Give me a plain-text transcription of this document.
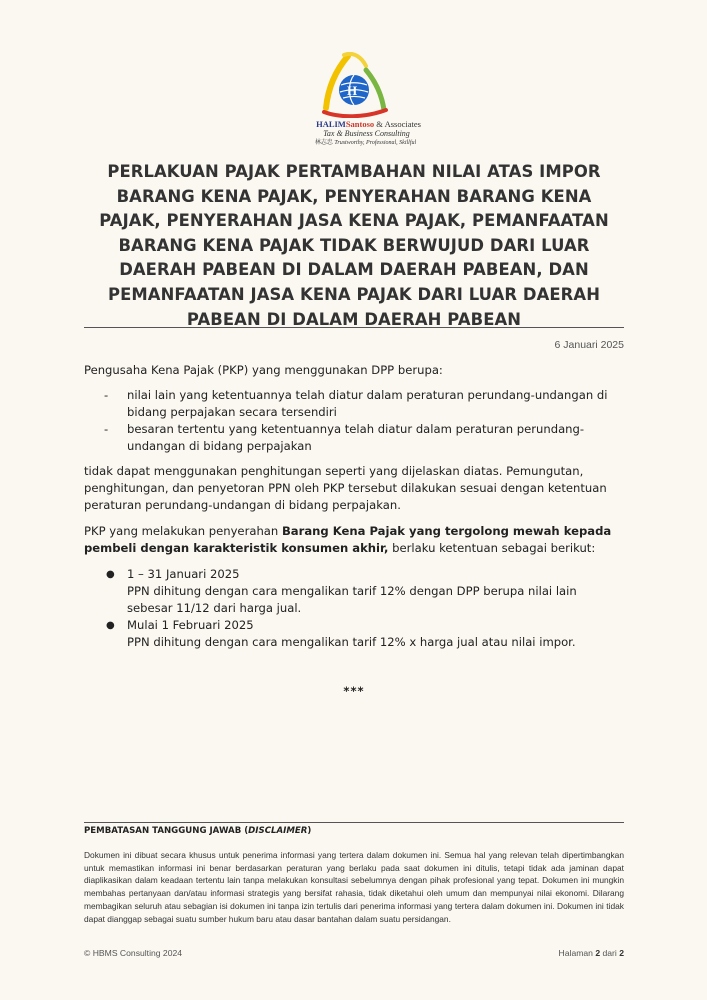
H
HALIMSantoso & Associates
Tax & Business Consulting
林志忠 Trustworthy, Professional, Skillful
PERLAKUAN PAJAK PERTAMBAHAN NILAI ATAS IMPOR BARANG KENA PAJAK, PENYERAHAN BARANG KENA PAJAK, PENYERAHAN JASA KENA PAJAK, PEMANFAATAN BARANG KENA PAJAK TIDAK BERWUJUD DARI LUAR DAERAH PABEAN DI DALAM DAERAH PABEAN, DAN PEMANFAATAN JASA KENA PAJAK DARI LUAR DAERAH PABEAN DI DALAM DAERAH PABEAN
6 Januari 2025

Pengusaha Kena Pajak (PKP) yang menggunakan DPP berupa:

- nilai lain yang ketentuannya telah diatur dalam peraturan perundang-undangan di bidang perpajakan secara tersendiri
- besaran tertentu yang ketentuannya telah diatur dalam peraturan perundang-undangan di bidang perpajakan

tidak dapat menggunakan penghitungan seperti yang dijelaskan diatas. Pemungutan, penghitungan, dan penyetoran PPN oleh PKP tersebut dilakukan sesuai dengan ketentuan peraturan perundang-undangan di bidang perpajakan.

PKP yang melakukan penyerahan Barang Kena Pajak yang tergolong mewah kepada pembeli dengan karakteristik konsumen akhir, berlaku ketentuan sebagai berikut:

● 1 – 31 Januari 2025
PPN dihitung dengan cara mengalikan tarif 12% dengan DPP berupa nilai lain sebesar 11/12 dari harga jual.
● Mulai 1 Februari 2025
PPN dihitung dengan cara mengalikan tarif 12% x harga jual atau nilai impor.

***

PEMBATASAN TANGGUNG JAWAB (DISCLAIMER)
Dokumen ini dibuat secara khusus untuk penerima informasi yang tertera dalam dokumen ini. Semua hal yang relevan telah dipertimbangkan untuk memastikan informasi ini benar berdasarkan peraturan yang berlaku pada saat dokumen ini ditulis, tetapi tidak ada jaminan dapat diaplikasikan dalam keadaan tertentu lain tanpa melakukan konsultasi sebelumnya dengan pihak profesional yang tepat. Dokumen ini mungkin membahas pertanyaan dan/atau informasi strategis yang bersifat rahasia, tidak diketahui oleh umum dan mempunyai nilai ekonomi. Dilarang membagikan seluruh atau sebagian isi dokumen ini tanpa izin tertulis dari penerima informasi yang tertera dalam dokumen ini. Dokumen ini tidak dapat dianggap sebagai suatu sumber hukum baru atau dasar bantahan dalam suatu persidangan.
© HBMS Consulting 2024	Halaman 2 dari 2
